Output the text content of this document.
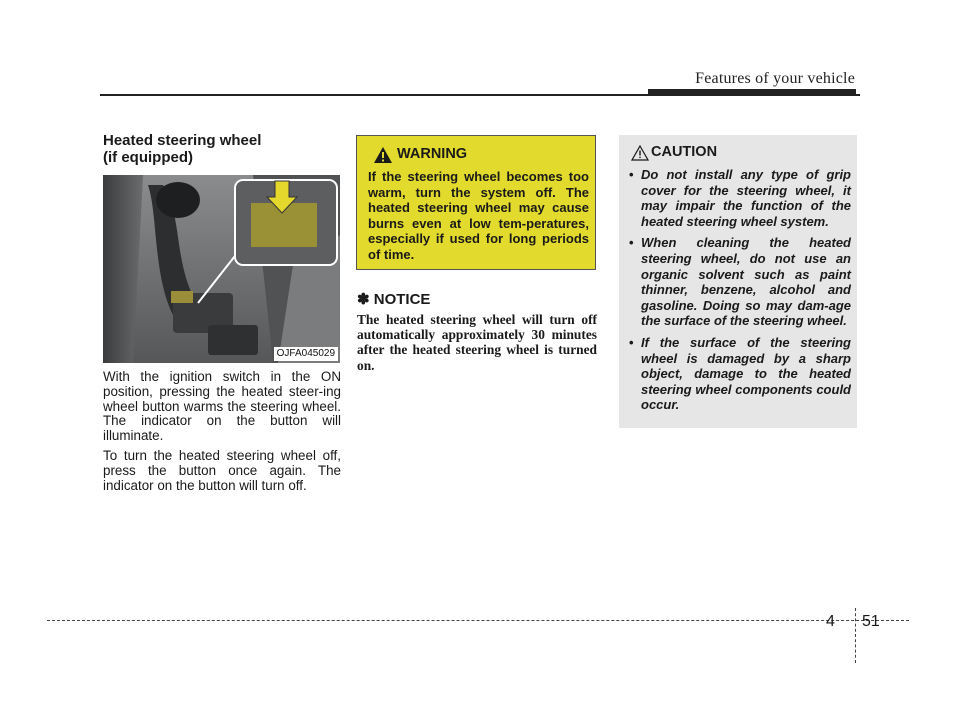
Features of your vehicle
Heated steering wheel
(if equipped)
OJFA045029

With the ignition switch in the ON position, pressing the heated steer-ing wheel button warms the steering wheel. The indicator on the button will illuminate.

To turn the heated steering wheel off, press the button once again. The indicator on the button will turn off.

WARNING

If the steering wheel becomes too warm, turn the system off. The heated steering wheel may cause burns even at low tem-peratures, especially if used for long periods of time.

✽ NOTICE

The heated steering wheel will turn off automatically approximately 30 minutes after the heated steering wheel is turned on.

CAUTION
• Do not install any type of grip cover for the steering wheel, it may impair the function of the heated steering wheel system.
• When cleaning the heated steering wheel, do not use an organic solvent such as paint thinner, benzene, alcohol and gasoline. Doing so may dam-age the surface of the steering wheel.
• If the surface of the steering wheel is damaged by a sharp object, damage to the heated steering wheel components could occur.
4 51
